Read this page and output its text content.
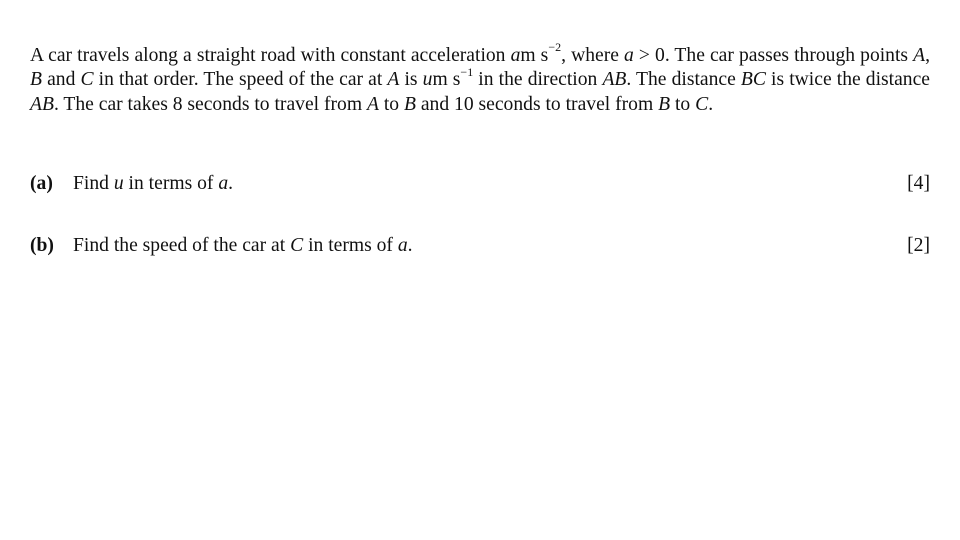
A car travels along a straight road with constant acceleration am $s^{-2}$, where a > 0. The car passes through points A, B and C in that order. The speed of the car at A is um $s^{-1}$ in the direction AB. The distance BC is twice the distance AB. The car takes 8 seconds to travel from A to B and 10 seconds to travel from B to C.

(a) Find u in terms of a.	[4]
(b) Find the speed of the car at C in terms of a.	[2]
